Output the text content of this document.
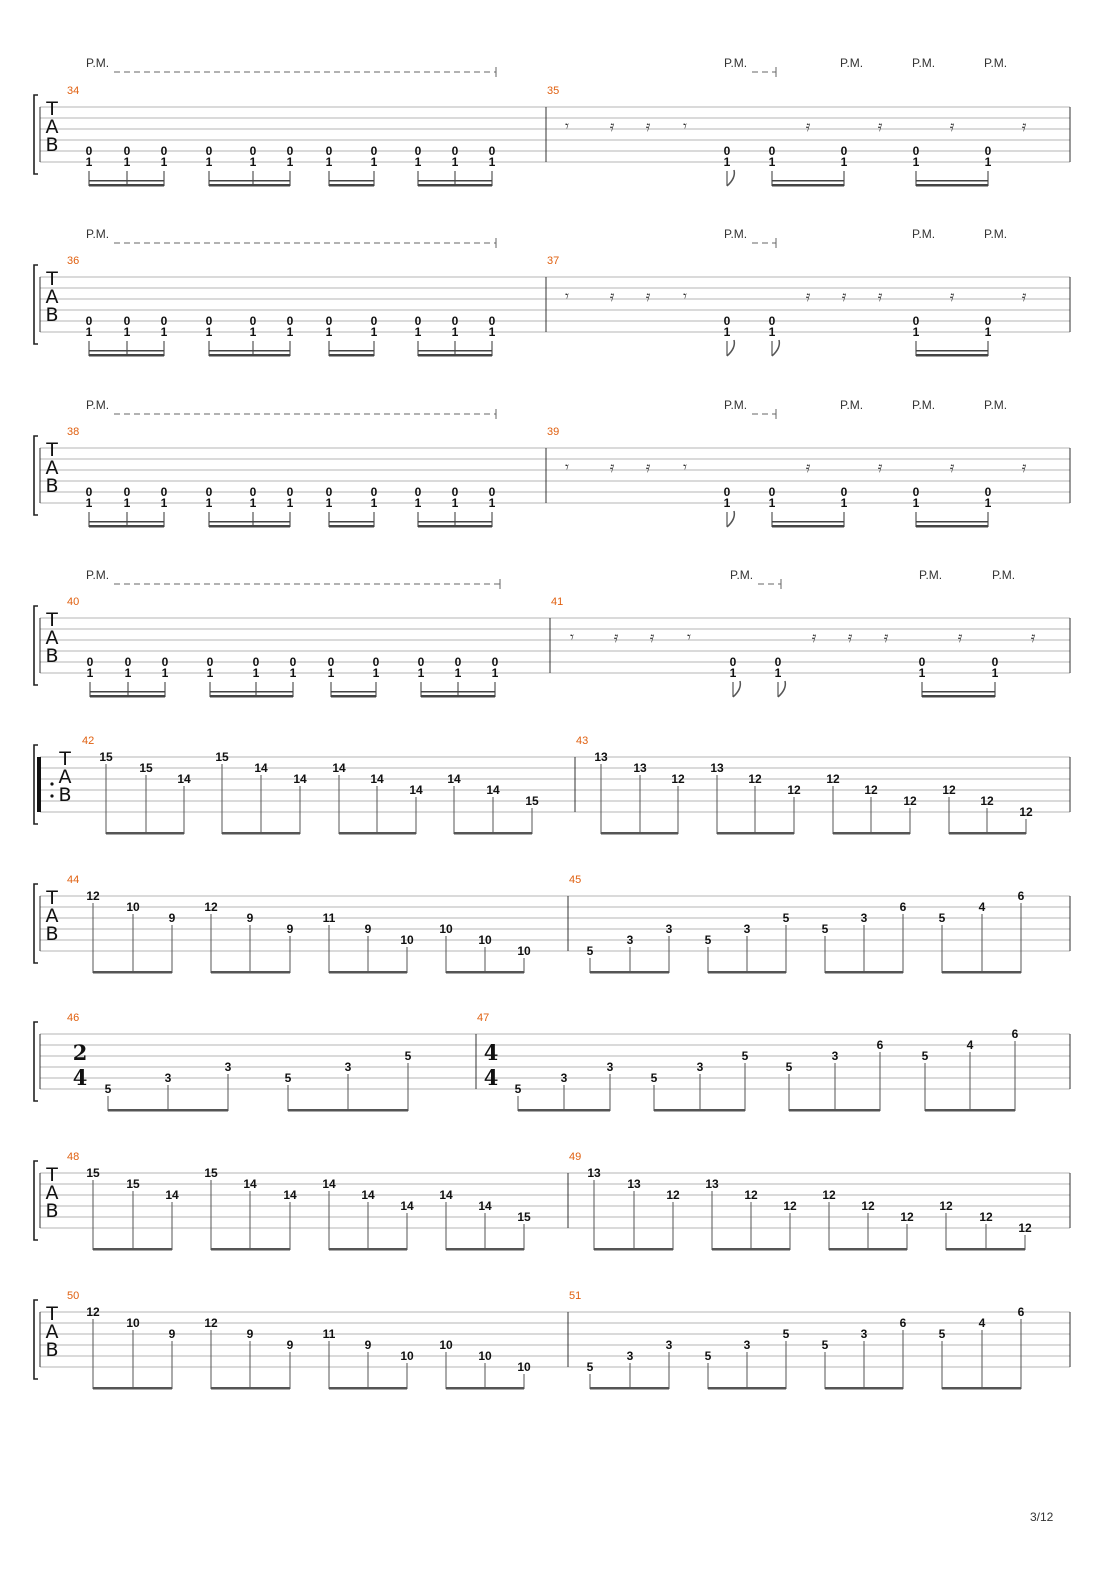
T
A
B
34	35
P.M.	P.M.	P.M.	P.M.	P.M.
0
1
0
1
0
1
0
1
0
1
0
1
0
1
0
1
0
1
0
1
0
1
𝄾	𝄿 𝄿 𝄾	𝄿	𝄿	𝄿	𝄿
0
1
0
1
0
1
0
1
0
1
T
A
B
36	37
P.M.	P.M.	P.M.	P.M.
0
1
0
1
0
1
0
1
0
1
0
1
0
1
0
1
0
1
0
1
0
1
𝄾	𝄿 𝄿 𝄾	𝄿 𝄿 𝄿	𝄿	𝄿
0
1
0
1
0
1
0
1
T
A
B
38	39
P.M.	P.M.	P.M.	P.M.	P.M.
0
1
0
1
0
1
0
1
0
1
0
1
0
1
0
1
0
1
0
1
0
1
𝄾	𝄿 𝄿 𝄾	𝄿	𝄿	𝄿	𝄿
0
1
0
1
0
1
0
1
0
1
T
A
B
40	41
P.M.	P.M.	P.M.	P.M.
0
1
0
1
0
1
0
1
0
1
0
1
0
1
0
1
0
1
0
1
0
1
𝄾	𝄿 𝄿 𝄾	𝄿 𝄿 𝄿	𝄿	𝄿
0
1
0
1
0
1
0
1
T
A
B
42	43
15
15
14
15
14
14
14
14
14
14
14
15
13
13
12
13
12
12
12
12
12
12
12
12
T
A
B
44	45
12
10
9
12
9
9
11
9
10
10
10
10	5
3
3
5
3
5
5
3
6
5
4
6
46
2
4
47
4
4
5
3
3
5
3
5
5
3
3
5
3
5
5
3
6
5
4
6
T
A
B
48	49
15
15
14
15
14
14
14
14
14
14
14
15
13
13
12
13
12
12
12
12
12
12
12
12
T
A
B
50	51
12
10
9
12
9
9
11
9
10
10
10
10	5
3
3
5
3
5
5
3
6
5
4
6
3/12
